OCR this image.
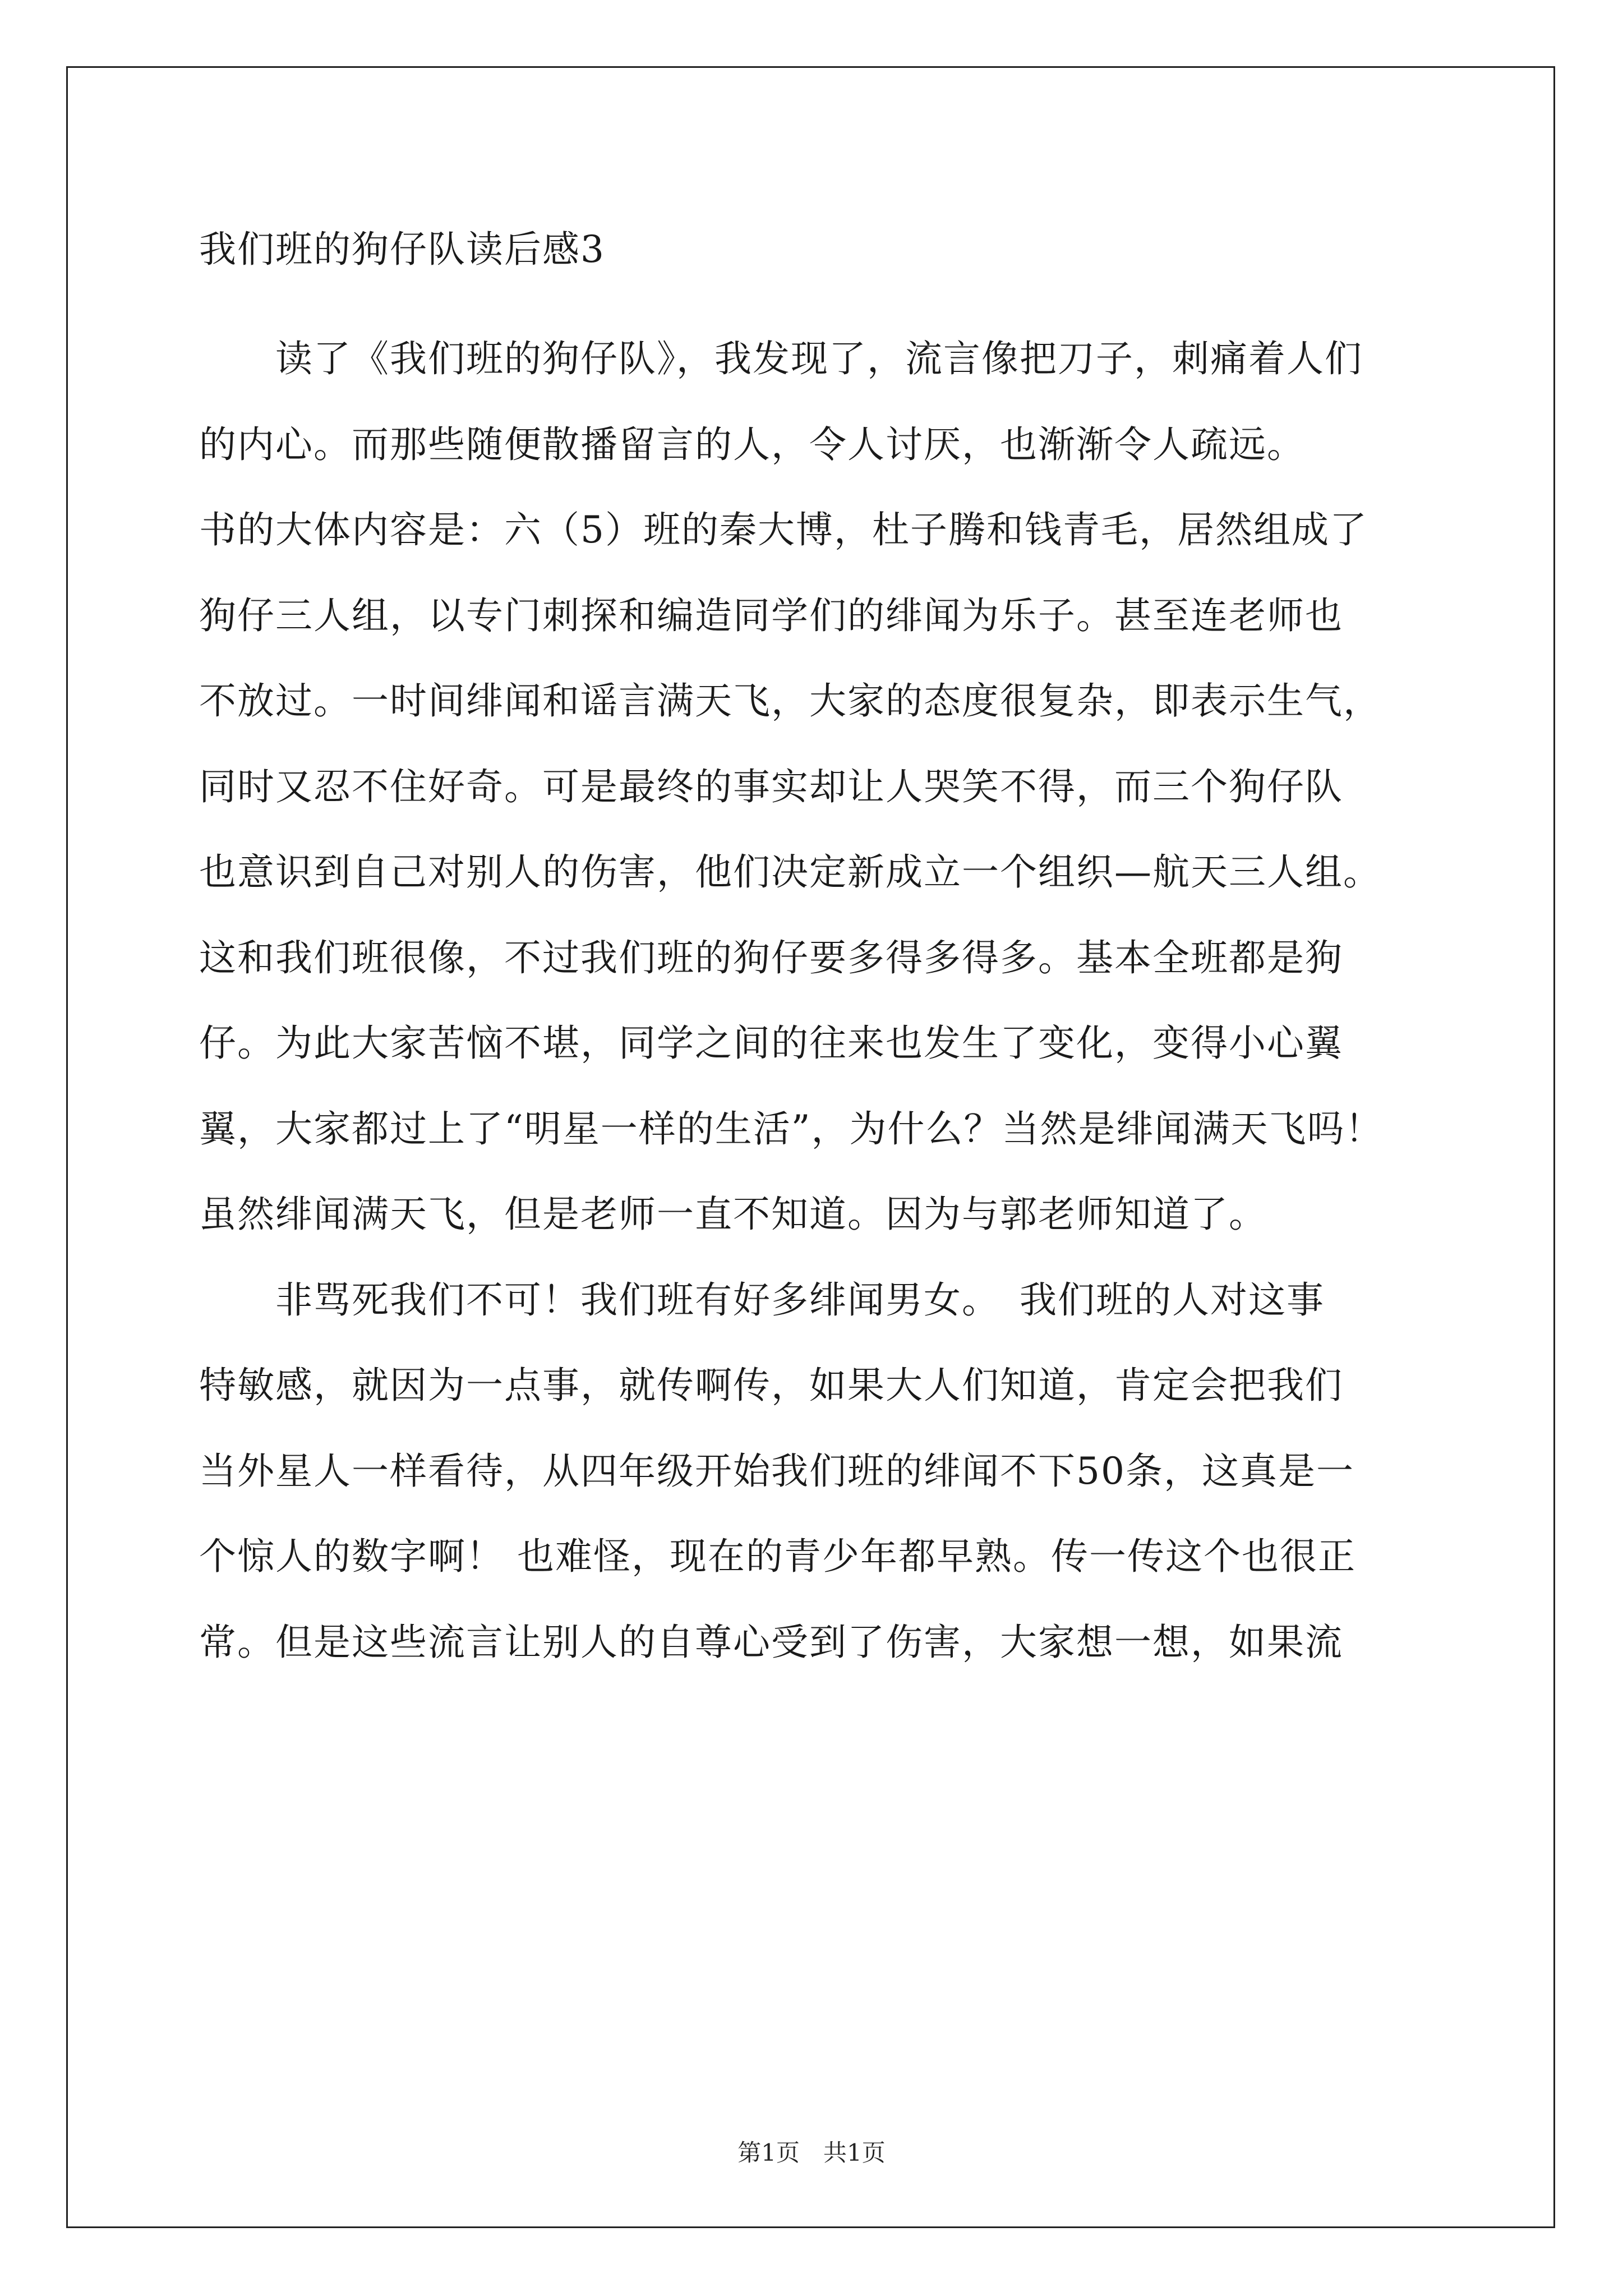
我们班的狗仔队读后感3
　　读了《我们班的狗仔队》，我发现了，流言像把刀子，刺痛着人们
的内心。而那些随便散播留言的人，令人讨厌，也渐渐令人疏远。
书的大体内容是：六（5）班的秦大博，杜子腾和钱青毛，居然组成了
狗仔三人组，以专门刺探和编造同学们的绯闻为乐子。甚至连老师也
不放过。一时间绯闻和谣言满天飞，大家的态度很复杂，即表示生气，
同时又忍不住好奇。可是最终的事实却让人哭笑不得，而三个狗仔队
也意识到自己对别人的伤害，他们决定新成立一个组织—航天三人组。
这和我们班很像，不过我们班的狗仔要多得多得多。基本全班都是狗
仔。为此大家苦恼不堪，同学之间的往来也发生了变化，变得小心翼
翼，大家都过上了“明星一样的生活”，为什么？当然是绯闻满天飞吗！
虽然绯闻满天飞，但是老师一直不知道。因为与郭老师知道了。
　　非骂死我们不可！我们班有好多绯闻男女。　我们班的人对这事
特敏感，就因为一点事，就传啊传，如果大人们知道，肯定会把我们
当外星人一样看待，从四年级开始我们班的绯闻不下50条，这真是一
个惊人的数字啊！ 也难怪，现在的青少年都早熟。传一传这个也很正
常。但是这些流言让别人的自尊心受到了伤害，大家想一想，如果流
第1页　共1页
